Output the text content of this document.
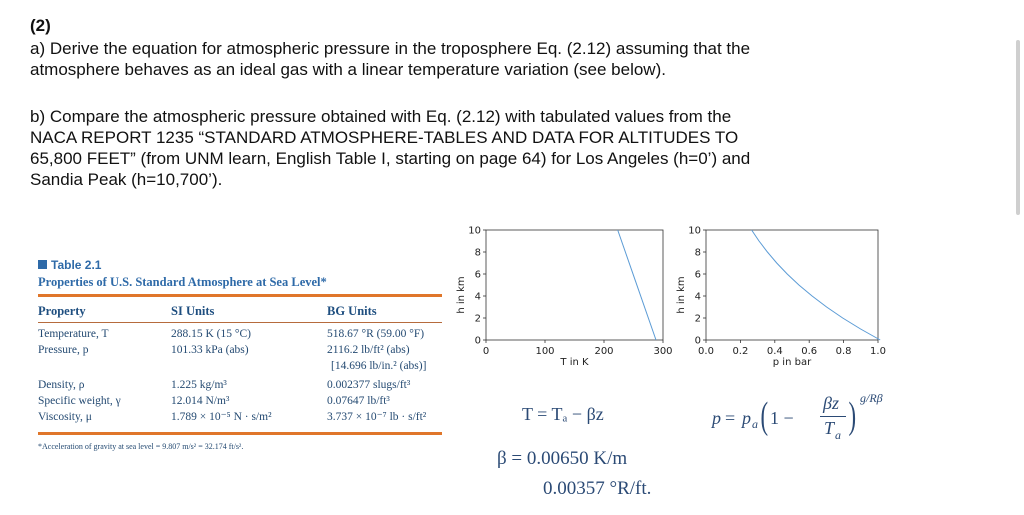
(2)
a) Derive the equation for atmospheric pressure in the troposphere Eq. (2.12) assuming that the
atmosphere behaves as an ideal gas with a linear temperature variation (see below).
b) Compare the atmospheric pressure obtained with Eq. (2.12) with tabulated values from the
NACA REPORT 1235 “STANDARD ATMOSPHERE-TABLES AND DATA FOR ALTITUDES TO
65,800 FEET” (from UNM learn, English Table I, starting on page 64) for Los Angeles (h=0’) and
Sandia Peak (h=10,700’).
Table 2.1
Properties of U.S. Standard Atmosphere at Sea Level*
Property	SI Units	BG Units
Temperature, T	288.15 K (15 °C)	518.67 °R (59.00 °F)
Pressure, p	101.33 kPa (abs)	2116.2 lb/ft² (abs)
[14.696 lb/in.² (abs)]
Density, ρ	1.225 kg/m³	0.002377 slugs/ft³
Specific weight, γ	12.014 N/m³	0.07647 lb/ft³
Viscosity, μ	1.789 × 10⁻⁵ N · s/m²	3.737 × 10⁻⁷ lb · s/ft²
*Acceleration of gravity at sea level = 9.807 m/s² = 32.174 ft/s².
0	100	200	300
0
2
4
6
8
10
T in K
h in km
0.0 0.2 0.4 0.6 0.8 1.0
0
2
4
6
8
10
p in bar
h in km
T = Tₐ − βz
β = 0.00650 K/m
0.00357 °R/ft.
p = p a ( 1 −
βz
T a ) g/Rβ
